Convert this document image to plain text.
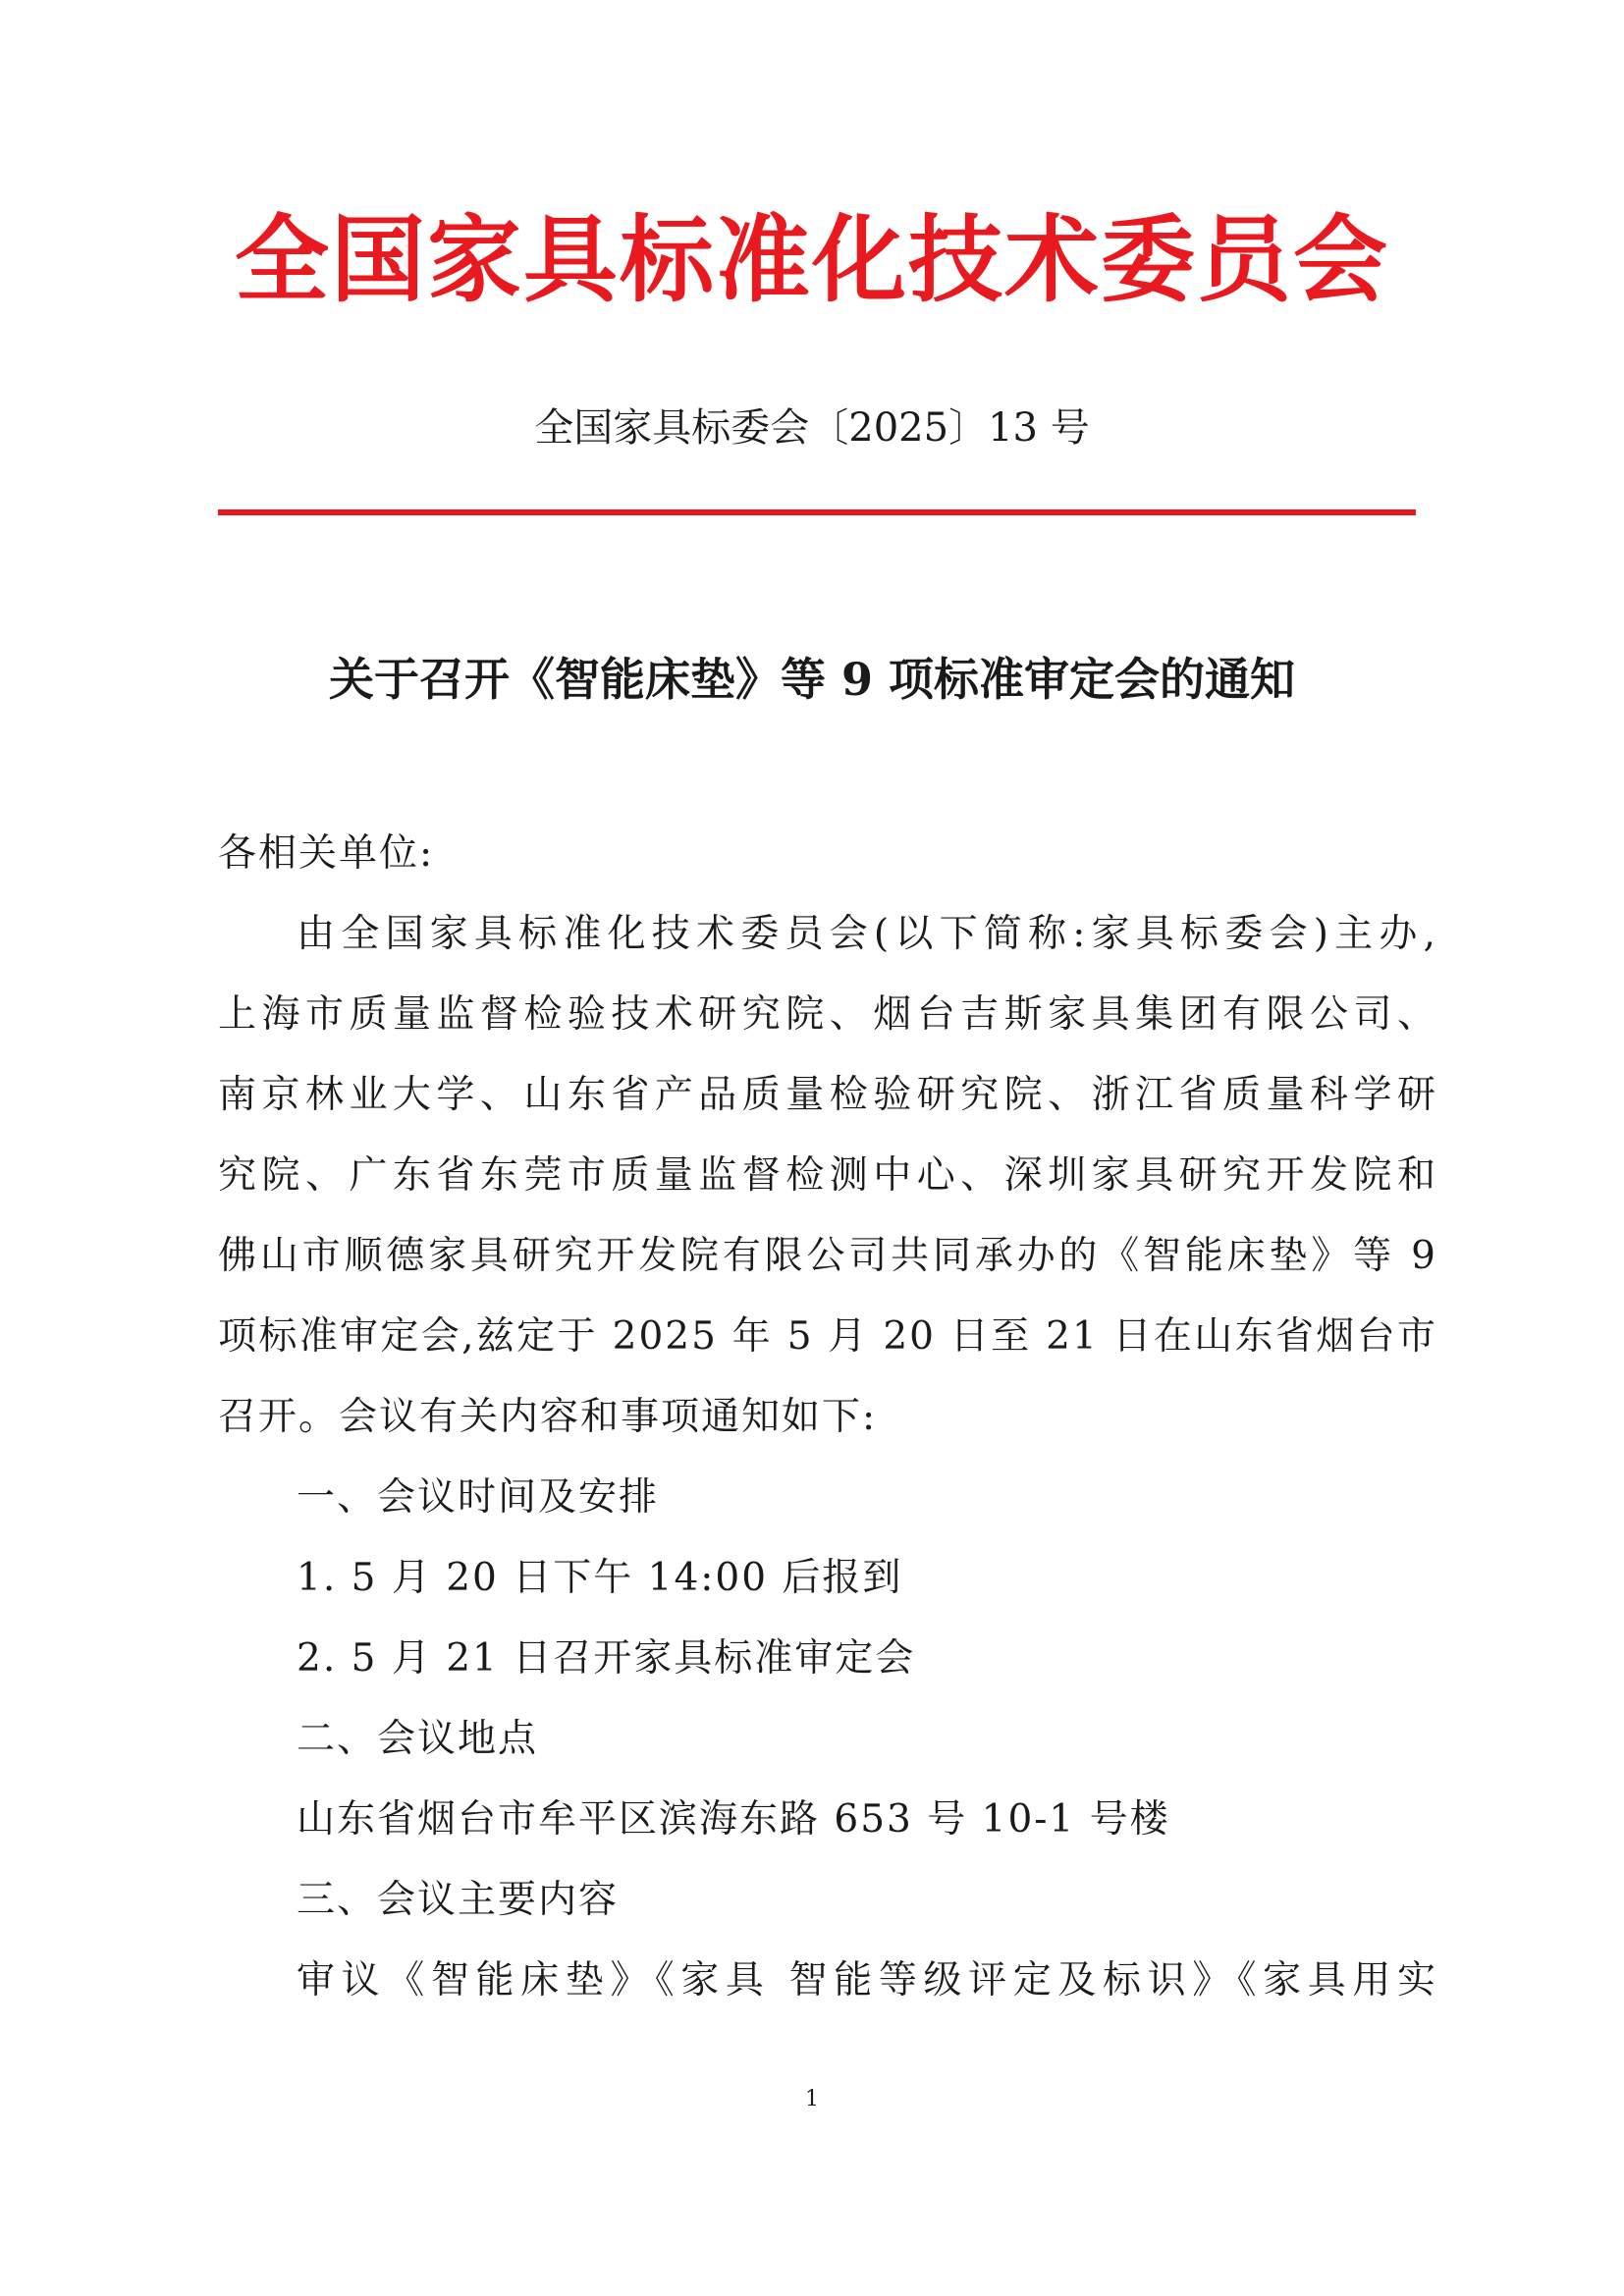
全国家具标准化技术委员会
全国家具标委会〔2025〕13 号
关于召开《智能床垫》等 9 项标准审定会的通知
各相关单位:
由全国家具标准化技术委员会(以下简称:家具标委会)主办,
上海市质量监督检验技术研究院、烟台吉斯家具集团有限公司、
南京林业大学、山东省产品质量检验研究院、浙江省质量科学研
究院、广东省东莞市质量监督检测中心、深圳家具研究开发院和
佛山市顺德家具研究开发院有限公司共同承办的《智能床垫》等 9
项标准审定会,兹定于 2025 年 5 月 20 日至 21 日在山东省烟台市
召开。会议有关内容和事项通知如下:
一、会议时间及安排
1. 5 月 20 日下午 14:00 后报到
2. 5 月 21 日召开家具标准审定会
二、会议地点
山东省烟台市牟平区滨海东路 653 号 10-1 号楼
三、会议主要内容
审议《智能床垫》《家具 智能等级评定及标识》《家具用实
1
